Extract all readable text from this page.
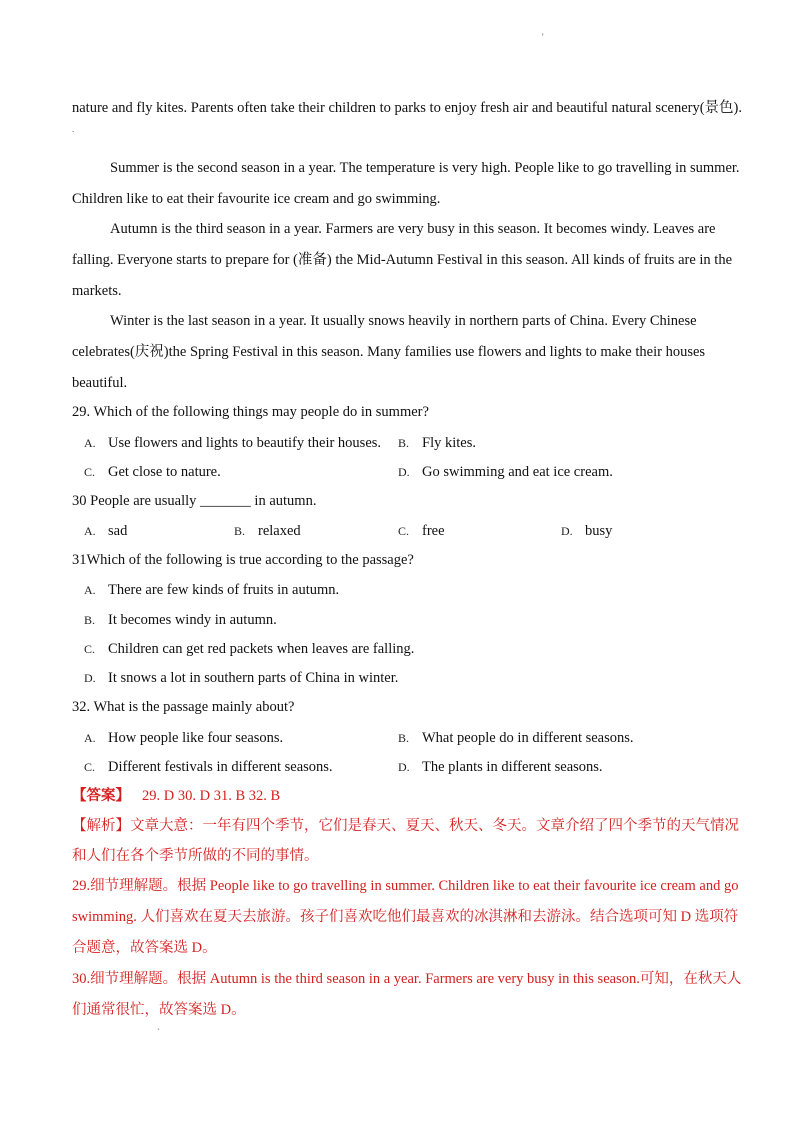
'
.
`
nature and fly kites. Parents often take their children to parks to enjoy fresh air and beautiful natural scenery(景色).
Summer is the second season in a year. The temperature is very high. People like to go travelling in summer.
Children like to eat their favourite ice cream and go swimming.
Autumn is the third season in a year. Farmers are very busy in this season. It becomes windy. Leaves are
falling. Everyone starts to prepare for (准备) the Mid-Autumn Festival in this season. All kinds of fruits are in the
markets.
Winter is the last season in a year. It usually snows heavily in northern parts of China. Every Chinese
celebrates(庆祝)the Spring Festival in this season. Many families use flowers and lights to make their houses
beautiful.
29. Which of the following things may people do in summer?
A. Use flowers and lights to beautify their houses. B. Fly kites.
C. Get close to nature.	D. Go swimming and eat ice cream.
30 People are usually _______ in autumn.
A. sad	B. relaxed	C. free	D. busy
31Which of the following is true according to the passage?
A. There are few kinds of fruits in autumn.
B. It becomes windy in autumn.
C. Children can get red packets when leaves are falling.
D. It snows a lot in southern parts of China in winter.
32. What is the passage mainly about?
A. How people like four seasons.	B. What people do in different seasons.
C. Different festivals in different seasons.	D. The plants in different seasons.
【答案】 29. D 30. D 31. B 32. B
【解析】文章大意：一年有四个季节，它们是春天、夏天、秋天、冬天。文章介绍了四个季节的天气情况
和人们在各个季节所做的不同的事情。
29.细节理解题。根据 People like to go travelling in summer. Children like to eat their favourite ice cream and go
swimming. 人们喜欢在夏天去旅游。孩子们喜欢吃他们最喜欢的冰淇淋和去游泳。结合选项可知 D 选项符
合题意，故答案选 D。
30.细节理解题。根据 Autumn is the third season in a year. Farmers are very busy in this season.可知，在秋天人
们通常很忙，故答案选 D。
